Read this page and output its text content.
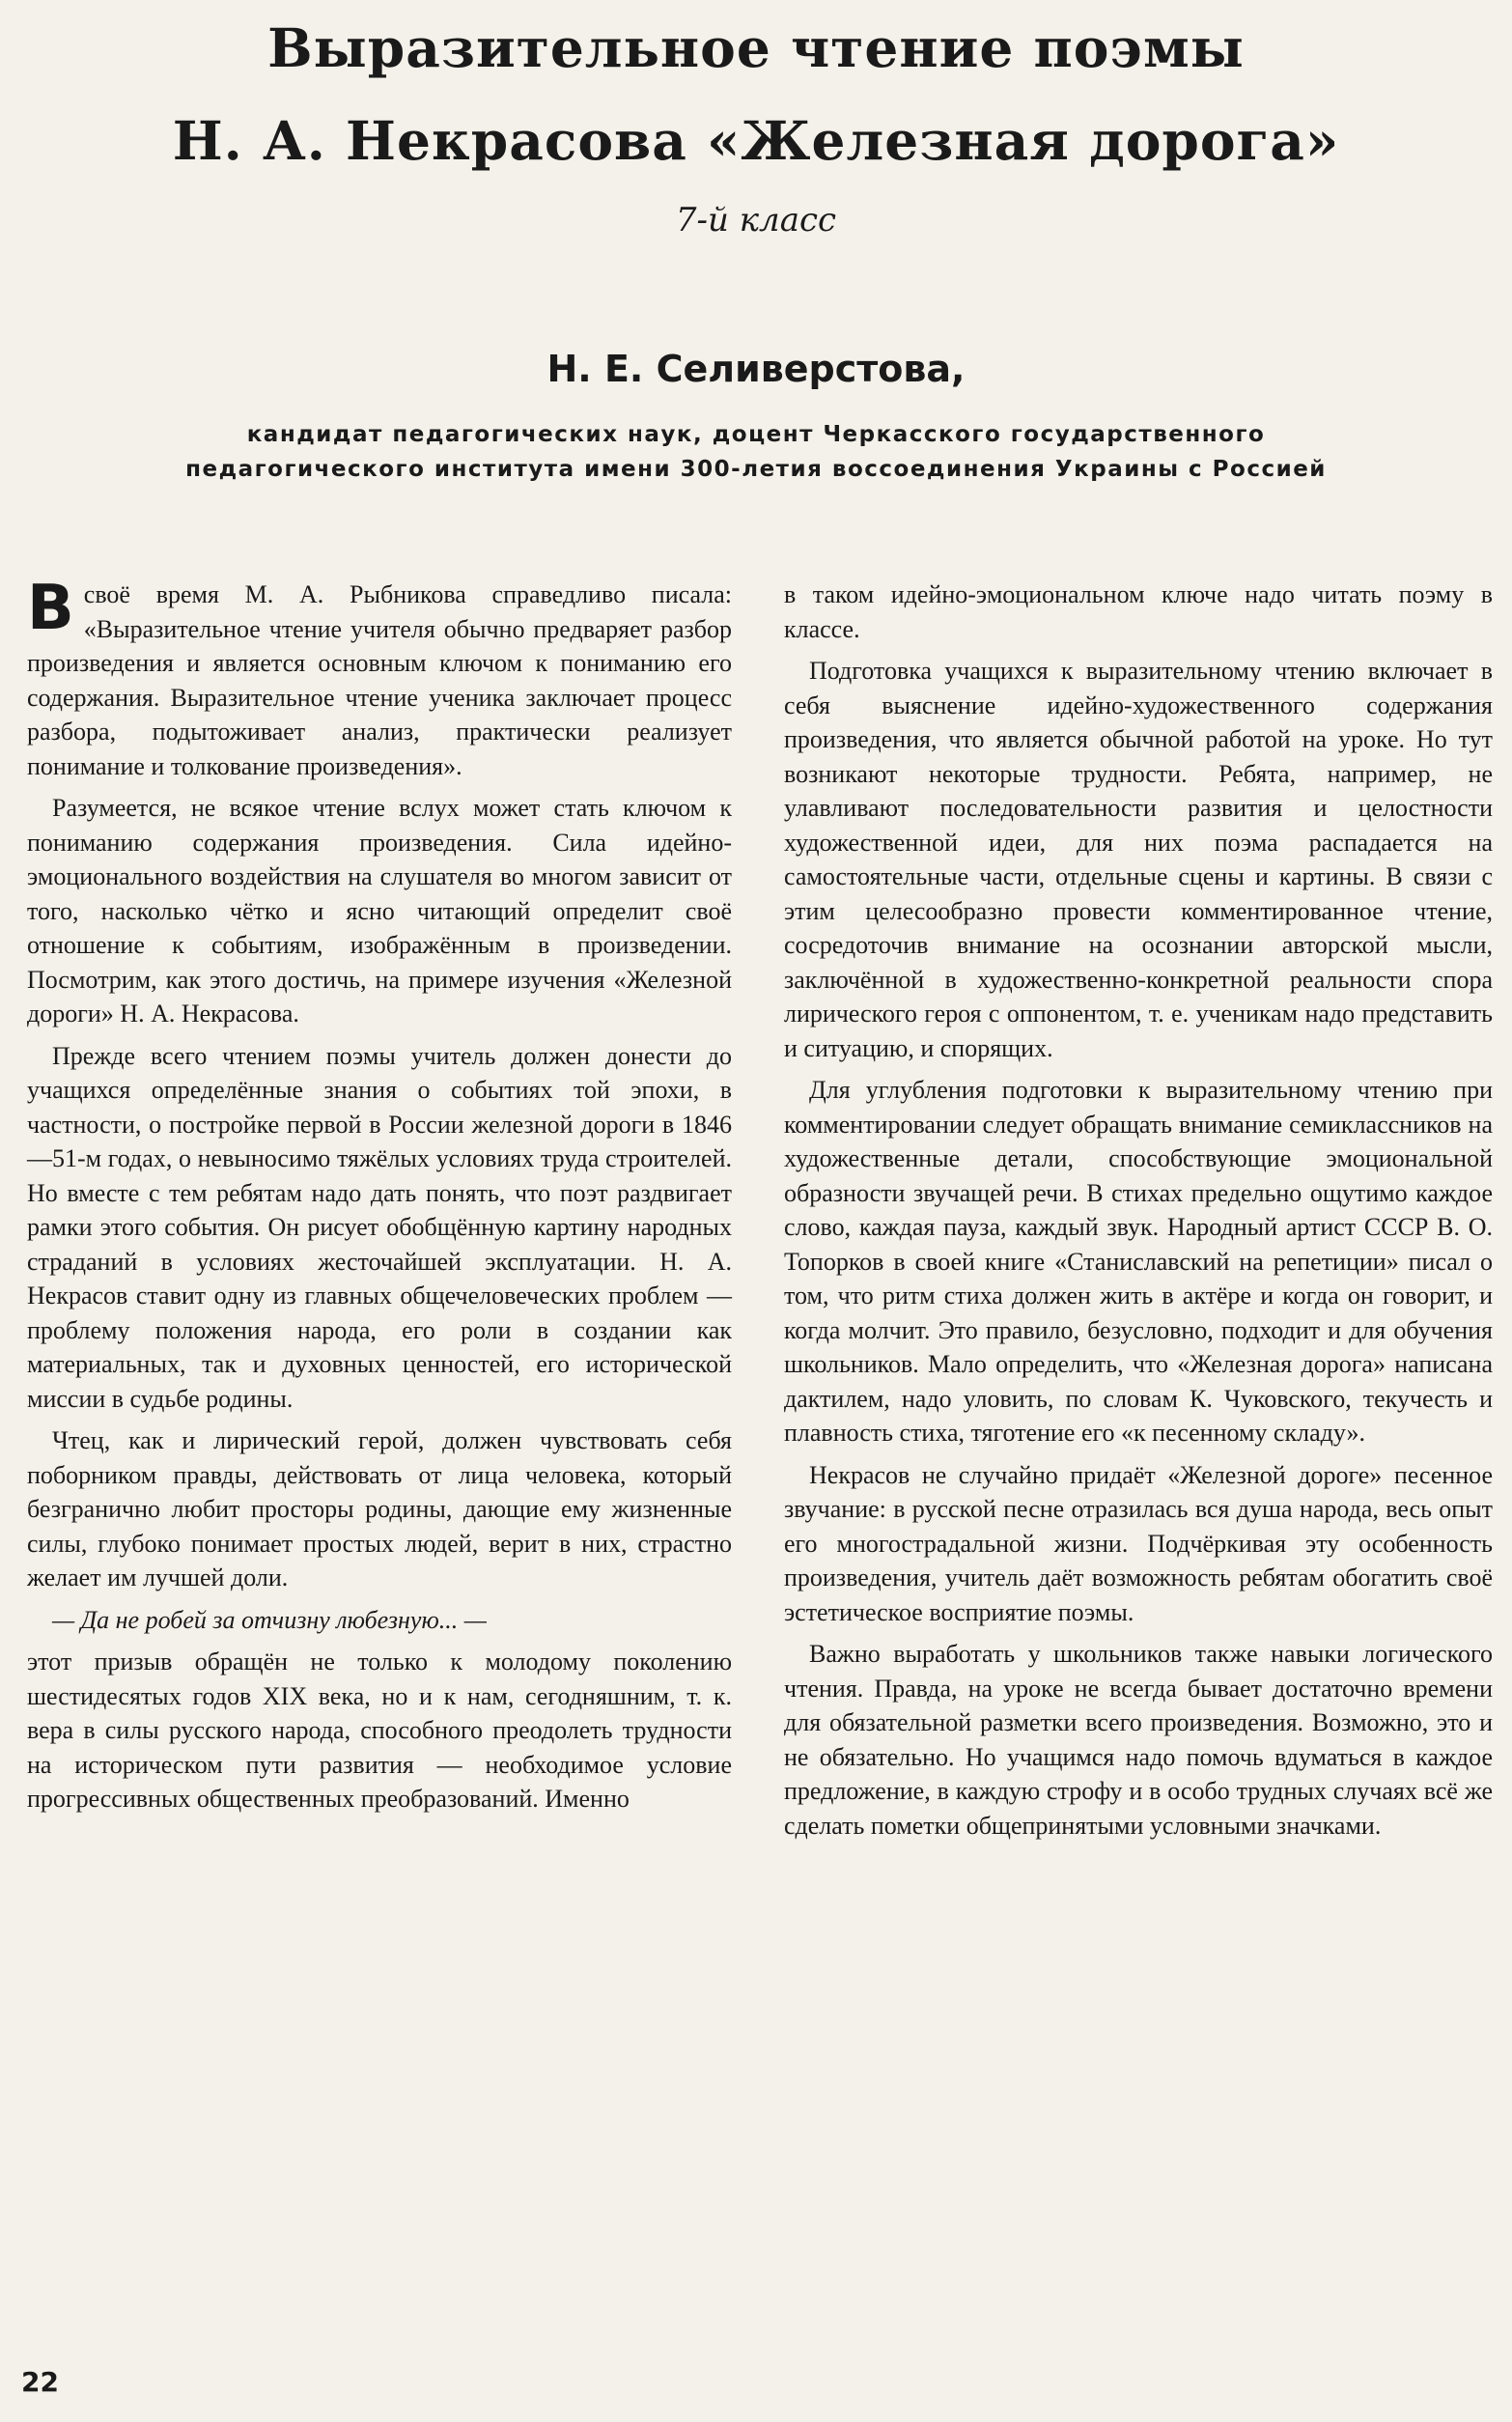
Выразительное чтение поэмы
Н. А. Некрасова «Железная дорога»

7-й класс

Н. Е. Селиверстова,

кандидат педагогических наук, доцент Черкасского государственного
педагогического института имени 300-летия воссоединения Украины с Россией

Всвоё время М. А. Рыбникова справедливо писала: «Выразительное чтение учителя обычно предваряет разбор произведения и является основным ключом к пониманию его содержания. Выразительное чтение ученика заключает процесс разбора, подытоживает анализ, практически реализует понимание и толкование произведения».

Разумеется, не всякое чтение вслух может стать ключом к пониманию содержания произведения. Сила идейно-эмоционального воздействия на слушателя во многом зависит от того, насколько чётко и ясно читающий определит своё отношение к событиям, изображённым в произведении. Посмотрим, как этого достичь, на примере изучения «Железной дороги» Н. А. Некрасова.

Прежде всего чтением поэмы учитель должен донести до учащихся определённые знания о событиях той эпохи, в частности, о постройке первой в России железной дороги в 1846—51-м годах, о невыносимо тяжёлых условиях труда строителей. Но вместе с тем ребятам надо дать понять, что поэт раздвигает рамки этого события. Он рисует обобщённую картину народных страданий в условиях жесточайшей эксплуатации. Н. А. Некрасов ставит одну из главных общечеловеческих проблем — проблему положения народа, его роли в создании как материальных, так и духовных ценностей, его исторической миссии в судьбе родины.

Чтец, как и лирический герой, должен чувствовать себя поборником правды, действовать от лица человека, который безгранично любит просторы родины, дающие ему жизненные силы, глубоко понимает простых людей, верит в них, страстно желает им лучшей доли.

— Да не робей за отчизну любезную... —

этот призыв обращён не только к молодому поколению шестидесятых годов XIX века, но и к нам, сегодняшним, т. к. вера в силы русского народа, способного преодолеть трудности на историческом пути развития — необходимое условие прогрессивных общественных преобразований. Именно

в таком идейно-эмоциональном ключе надо читать поэму в классе.

Подготовка учащихся к выразительному чтению включает в себя выяснение идейно-художественного содержания произведения, что является обычной работой на уроке. Но тут возникают некоторые трудности. Ребята, например, не улавливают последовательности развития и целостности художественной идеи, для них поэма распадается на самостоятельные части, отдельные сцены и картины. В связи с этим целесообразно провести комментированное чтение, сосредоточив внимание на осознании авторской мысли, заключённой в художественно-конкретной реальности спора лирического героя с оппонентом, т. е. ученикам надо представить и ситуацию, и спорящих.

Для углубления подготовки к выразительному чтению при комментировании следует обращать внимание семиклассников на художественные детали, способствующие эмоциональной образности звучащей речи. В стихах предельно ощутимо каждое слово, каждая пауза, каждый звук. Народный артист СССР В. О. Топорков в своей книге «Станиславский на репетиции» писал о том, что ритм стиха должен жить в актёре и когда он говорит, и когда молчит. Это правило, безусловно, подходит и для обучения школьников. Мало определить, что «Железная дорога» написана дактилем, надо уловить, по словам К. Чуковского, текучесть и плавность стиха, тяготение его «к песенному складу».

Некрасов не случайно придаёт «Железной дороге» песенное звучание: в русской песне отразилась вся душа народа, весь опыт его многострадальной жизни. Подчёркивая эту особенность произведения, учитель даёт возможность ребятам обогатить своё эстетическое восприятие поэмы.

Важно выработать у школьников также навыки логического чтения. Правда, на уроке не всегда бывает достаточно времени для обязательной разметки всего произведения. Возможно, это и не обязательно. Но учащимся надо помочь вдуматься в каждое предложение, в каждую строфу и в особо трудных случаях всё же сделать пометки общепринятыми условными значками.

22
